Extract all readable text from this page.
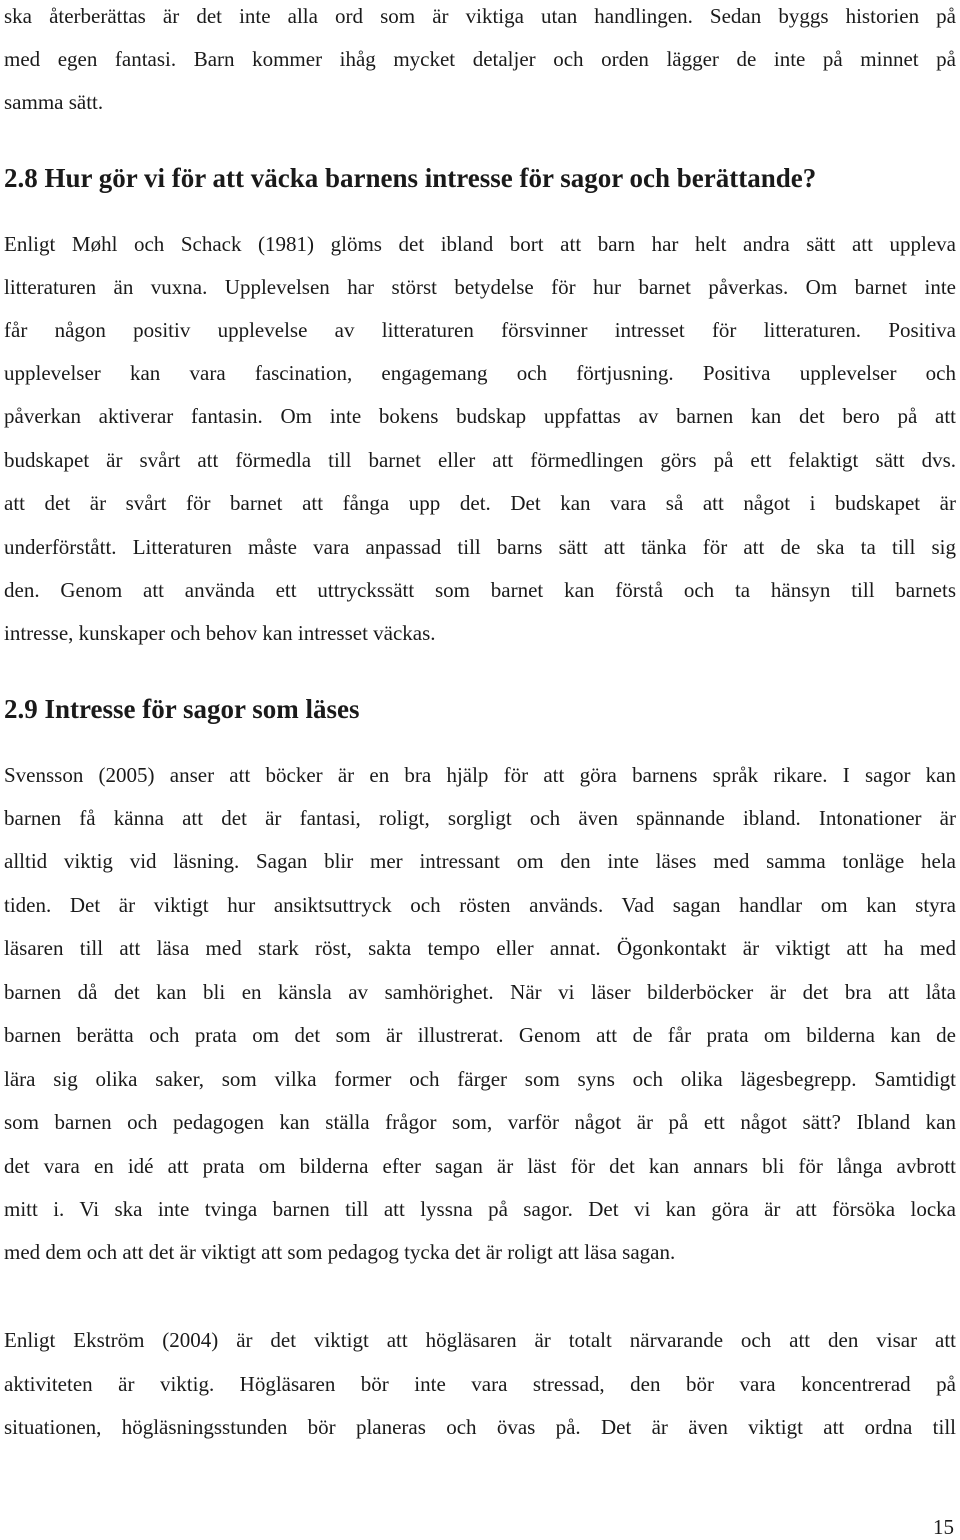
ska återberättas är det inte alla ord som är viktiga utan handlingen. Sedan byggs historien på
med egen fantasi. Barn kommer ihåg mycket detaljer och orden lägger de inte på minnet på
samma sätt.
2.8 Hur gör vi för att väcka barnens intresse för sagor och berättande?
Enligt Møhl och Schack (1981) glöms det ibland bort att barn har helt andra sätt att uppleva
litteraturen än vuxna. Upplevelsen har störst betydelse för hur barnet påverkas. Om barnet inte
får någon positiv upplevelse av litteraturen försvinner intresset för litteraturen. Positiva
upplevelser kan vara fascination, engagemang och förtjusning. Positiva upplevelser och
påverkan aktiverar fantasin. Om inte bokens budskap uppfattas av barnen kan det bero på att
budskapet är svårt att förmedla till barnet eller att förmedlingen görs på ett felaktigt sätt dvs.
att det är svårt för barnet att fånga upp det. Det kan vara så att något i budskapet är
underförstått. Litteraturen måste vara anpassad till barns sätt att tänka för att de ska ta till sig
den. Genom att använda ett uttryckssätt som barnet kan förstå och ta hänsyn till barnets
intresse, kunskaper och behov kan intresset väckas.
2.9 Intresse för sagor som läses
Svensson (2005) anser att böcker är en bra hjälp för att göra barnens språk rikare. I sagor kan
barnen få känna att det är fantasi, roligt, sorgligt och även spännande ibland. Intonationer är
alltid viktig vid läsning. Sagan blir mer intressant om den inte läses med samma tonläge hela
tiden. Det är viktigt hur ansiktsuttryck och rösten används. Vad sagan handlar om kan styra
läsaren till att läsa med stark röst, sakta tempo eller annat. Ögonkontakt är viktigt att ha med
barnen då det kan bli en känsla av samhörighet. När vi läser bilderböcker är det bra att låta
barnen berätta och prata om det som är illustrerat. Genom att de får prata om bilderna kan de
lära sig olika saker, som vilka former och färger som syns och olika lägesbegrepp. Samtidigt
som barnen och pedagogen kan ställa frågor som, varför något är på ett något sätt? Ibland kan
det vara en idé att prata om bilderna efter sagan är läst för det kan annars bli för långa avbrott
mitt i. Vi ska inte tvinga barnen till att lyssna på sagor. Det vi kan göra är att försöka locka
med dem och att det är viktigt att som pedagog tycka det är roligt att läsa sagan.
Enligt Ekström (2004) är det viktigt att högläsaren är totalt närvarande och att den visar att
aktiviteten är viktig. Högläsaren bör inte vara stressad, den bör vara koncentrerad på
situationen, högläsningsstunden bör planeras och övas på. Det är även viktigt att ordna till
15
